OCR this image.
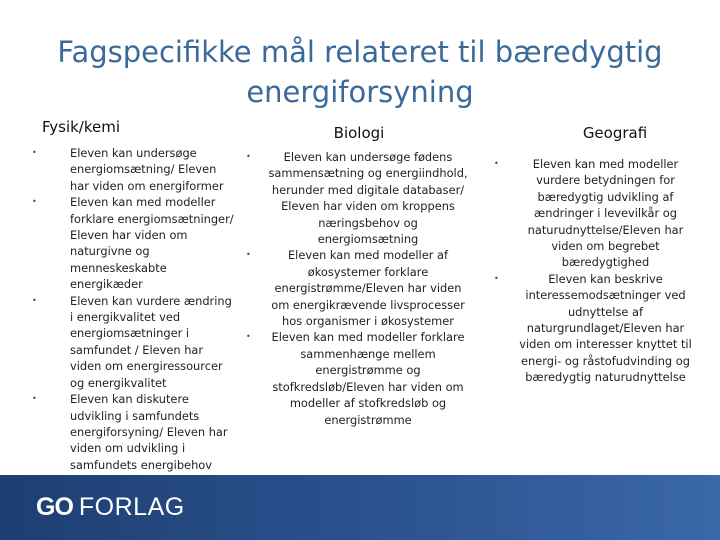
Fagspecifikke mål relateret til bæredygtig energiforsyning
Fysik/kemi
•	Eleven kan undersøge energiomsætning/ Eleven har viden om energiformer
•	Eleven kan med modeller forklare energiomsætninger/ Eleven har viden om naturgivne og menneskeskabte energikæder
•	Eleven kan vurdere ændring i energikvalitet ved energiomsætninger i samfundet / Eleven har viden om energiressourcer og energikvalitet
•	Eleven kan diskutere udvikling i samfundets energiforsyning/ Eleven har viden om udvikling i samfundets energibehov
Biologi
•	Eleven kan undersøge fødens sammensætning og energiindhold, herunder med digitale databaser/ Eleven har viden om kroppens næringsbehov og energiomsætning
•	Eleven kan med modeller af økosystemer forklare energistrømme/Eleven har viden om energikrævende livsprocesser hos organismer i økosystemer
•	Eleven kan med modeller forklare sammenhænge mellem energistrømme og stofkredsløb/Eleven har viden om modeller af stofkredsløb og energistrømme
Geografi
•	Eleven kan med modeller vurdere betydningen for bæredygtig udvikling af ændringer i levevilkår og naturudnyttelse/Eleven har viden om begrebet bæredygtighed
•	Eleven kan beskrive interessemodsætninger ved udnyttelse af naturgrundlaget/Eleven har viden om interesser knyttet til energi- og råstofudvinding og bæredygtig naturudnyttelse
GO FORLAG
